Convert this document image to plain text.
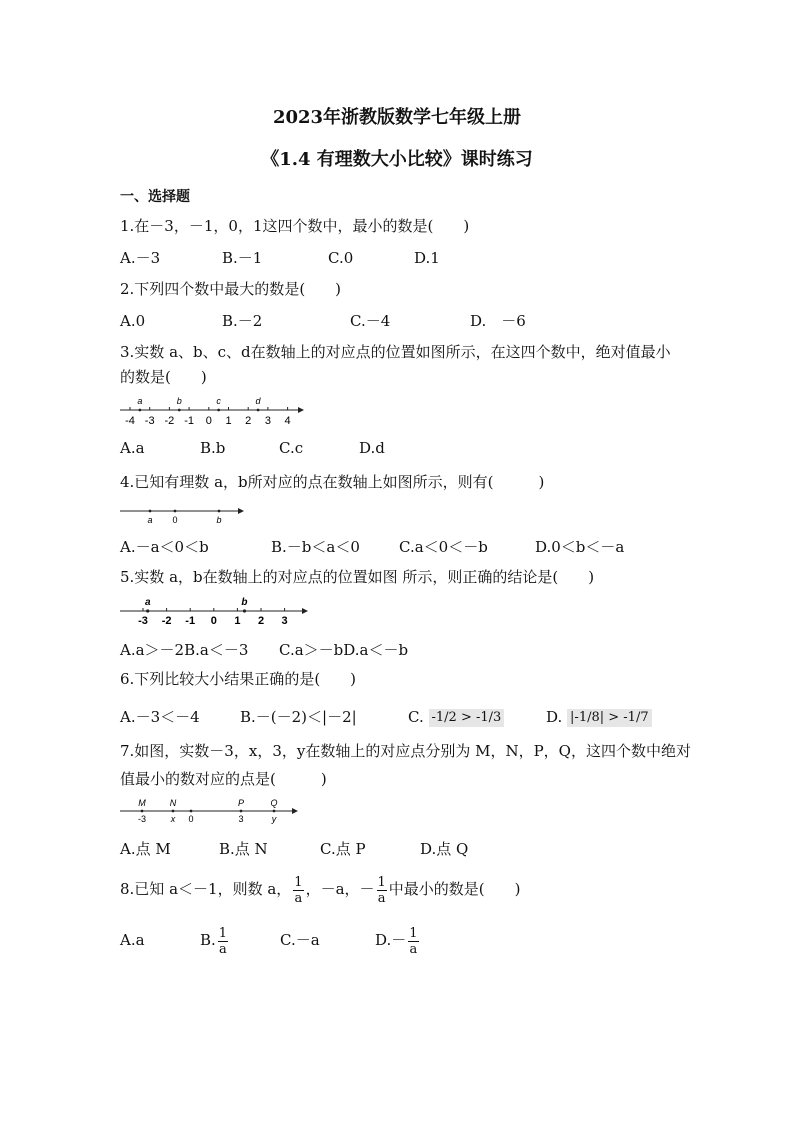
2023年浙教版数学七年级上册
《1.4 有理数大小比较》课时练习
一、选择题
1.在－3，－1，0，1这四个数中，最小的数是(　　)
A.－3	B.－1	C.0	D.1
2.下列四个数中最大的数是(　　)
A.0	B.－2	C.－4	D.　－6
3.实数 a、b、c、d在数轴上的对应点的位置如图所示，在这四个数中，绝对值最小
的数是(　　)
-4 -3 -2 -1 0 1 2 3 4
a	b	c	d
A.a	B.b	C.c	D.d
4.已知有理数 a，b所对应的点在数轴上如图所示，则有(　　　)
a 0	b
A.－a＜0＜b	B.－b＜a＜0	C.a＜0＜－b	D.0＜b＜－a
5.实数 a，b在数轴上的对应点的位置如图 所示，则正确的结论是(　　)
-3 -2 -1 0 1 2 3
a	b
A.a＞－2B.a＜－3 C.a＞－bD.a＜－b
6.下列比较大小结果正确的是(　　)
A.－3＜－4	B.－(－2)＜|－2|	C. -1/2 > -1/3	D. |-1/8| > -1/7
7.如图，实数－3，x，3，y在数轴上的对应点分别为 M，N，P，Q，这四个数中绝对
值最小的数对应的点是(　　　)
M	N	P	Q
-3	x 0	3	y
A.点 M	B.点 N	C.点 P	D.点 Q
8.已知 a＜－1，则数 a， $\frac{1}{a}$ ，－a，－ $\frac{1}{a}$ 中最小的数是(　　)
A.a	B. $\frac{1}{a}$	C.－a	$D.- \frac{1}{a}$
